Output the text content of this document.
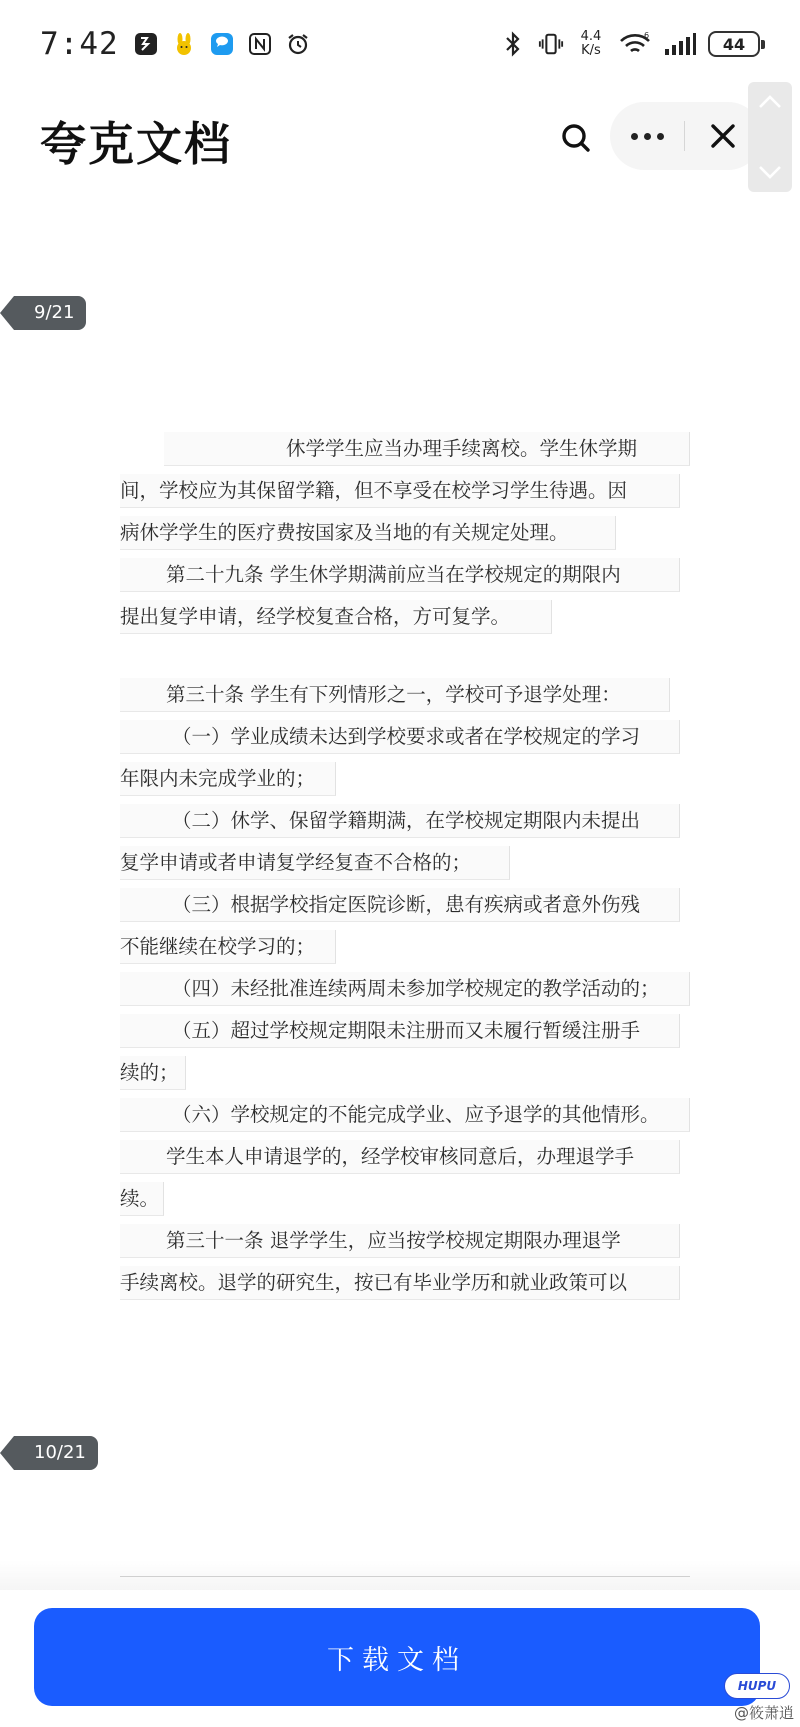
7:42	4.4
K/s
6	44
夸克文档
9/21
10/21
休学学生应当办理手续离校。学生休学期
间，学校应为其保留学籍，但不享受在校学习学生待遇。因
病休学学生的医疗费按国家及当地的有关规定处理。
第二十九条 学生休学期满前应当在学校规定的期限内
提出复学申请，经学校复查合格，方可复学。
第三十条 学生有下列情形之一，学校可予退学处理：
（一）学业成绩未达到学校要求或者在学校规定的学习
年限内未完成学业的；
（二）休学、保留学籍期满，在学校规定期限内未提出
复学申请或者申请复学经复查不合格的；
（三）根据学校指定医院诊断，患有疾病或者意外伤残
不能继续在校学习的；
（四）未经批准连续两周未参加学校规定的教学活动的；
（五）超过学校规定期限未注册而又未履行暂缓注册手
续的；
（六）学校规定的不能完成学业、应予退学的其他情形。
学生本人申请退学的，经学校审核同意后，办理退学手
续。
第三十一条 退学学生，应当按学校规定期限办理退学
手续离校。退学的研究生，按已有毕业学历和就业政策可以
下载文档
HUPU
@筱萧逍
